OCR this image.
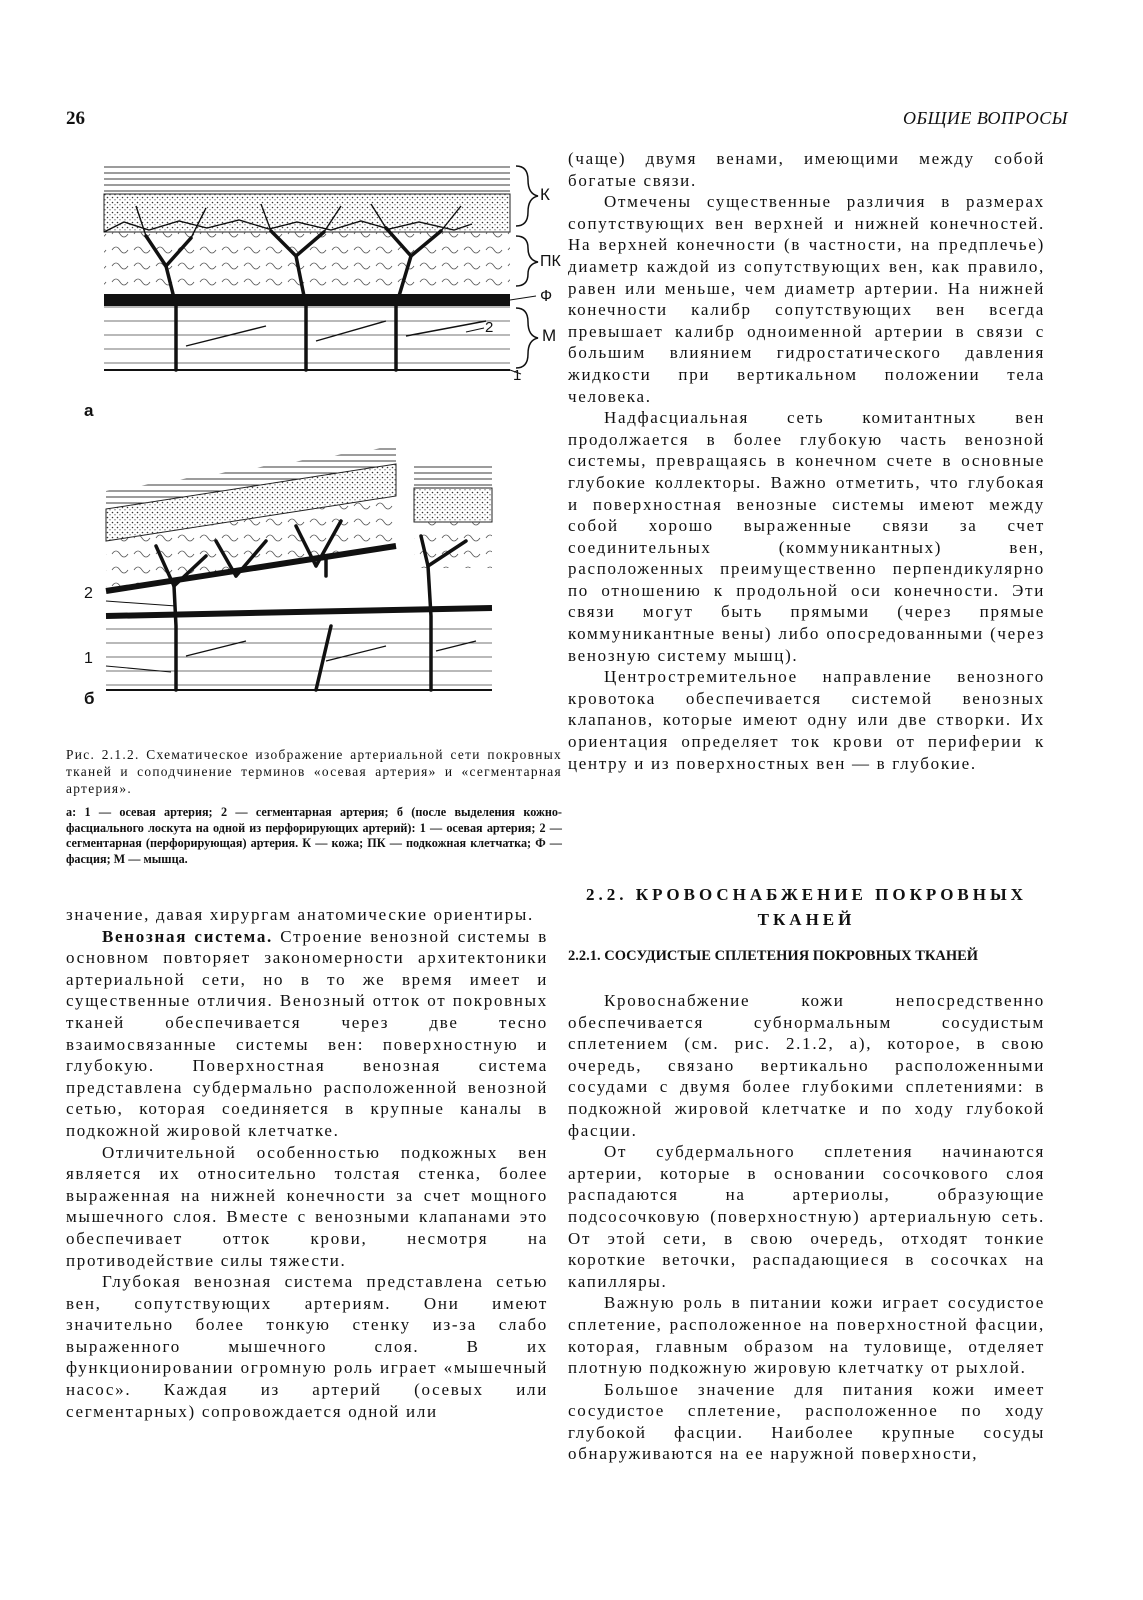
26	ОБЩИЕ ВОПРОСЫ
К
ПК
Ф
М
2
1
а
2
1
б

Рис. 2.1.2. Схематическое изображение артериальной сети покровных тканей и соподчинение терминов «осевая артерия» и «сегментарная артерия».

а: 1 — осевая артерия; 2 — сегментарная артерия; б (после выделения кожно-фасциального лоскута на одной из перфорирующих артерий): 1 — осевая артерия; 2 — сегментарная (перфорирующая) артерия. К — кожа; ПК — подкожная клетчатка; Ф — фасция; М — мышца.

значение, давая хирургам анатомические ориентиры.

Венозная система. Строение венозной системы в основном повторяет закономерности архитектоники артериальной сети, но в то же время имеет и существенные отличия. Венозный отток от покровных тканей обеспечивается через две тесно взаимосвязанные системы вен: поверхностную и глубокую. Поверхностная венозная система представлена субдермально расположенной венозной сетью, которая соединяется в крупные каналы в подкожной жировой клетчатке.

Отличительной особенностью подкожных вен является их относительно толстая стенка, более выраженная на нижней конечности за счет мощного мышечного слоя. Вместе с венозными клапанами это обеспечивает отток крови, несмотря на противодействие силы тяжести.

Глубокая венозная система представлена сетью вен, сопутствующих артериям. Они имеют значительно более тонкую стенку из-за слабо выраженного мышечного слоя. В их функционировании огромную роль играет «мышечный насос». Каждая из артерий (осевых или сегментарных) сопровождается одной или

(чаще) двумя венами, имеющими между собой богатые связи.

Отмечены существенные различия в размерах сопутствующих вен верхней и нижней конечностей. На верхней конечности (в частности, на предплечье) диаметр каждой из сопутствующих вен, как правило, равен или меньше, чем диаметр артерии. На нижней конечности калибр сопутствующих вен всегда превышает калибр одноименной артерии в связи с большим влиянием гидростатического давления жидкости при вертикальном положении тела человека.

Надфасциальная сеть комитантных вен продолжается в более глубокую часть венозной системы, превращаясь в конечном счете в основные глубокие коллекторы. Важно отметить, что глубокая и поверхностная венозные системы имеют между собой хорошо выраженные связи за счет соединительных (коммуникантных) вен, расположенных преимущественно перпендикулярно по отношению к продольной оси конечности. Эти связи могут быть прямыми (через прямые коммуникантные вены) либо опосредованными (через венозную систему мышц).

Центростремительное направление венозного кровотока обеспечивается системой венозных клапанов, которые имеют одну или две створки. Их ориентация определяет ток крови от периферии к центру и из поверхностных вен — в глубокие.

2.2. КРОВОСНАБЖЕНИЕ ПОКРОВНЫХ ТКАНЕЙ
2.2.1. СОСУДИСТЫЕ СПЛЕТЕНИЯ ПОКРОВНЫХ ТКАНЕЙ

Кровоснабжение кожи непосредственно обеспечивается субнормальным сосудистым сплетением (см. рис. 2.1.2, а), которое, в свою очередь, связано вертикально расположенными сосудами с двумя более глубокими сплетениями: в подкожной жировой клетчатке и по ходу глубокой фасции.

От субдермального сплетения начинаются артерии, которые в основании сосочкового слоя распадаются на артериолы, образующие подсосочковую (поверхностную) артериальную сеть. От этой сети, в свою очередь, отходят тонкие короткие веточки, распадающиеся в сосочках на капилляры.

Важную роль в питании кожи играет сосудистое сплетение, расположенное на поверхностной фасции, которая, главным образом на туловище, отделяет плотную подкожную жировую клетчатку от рыхлой.

Большое значение для питания кожи имеет сосудистое сплетение, расположенное по ходу глубокой фасции. Наиболее крупные сосуды обнаруживаются на ее наружной поверхности,
